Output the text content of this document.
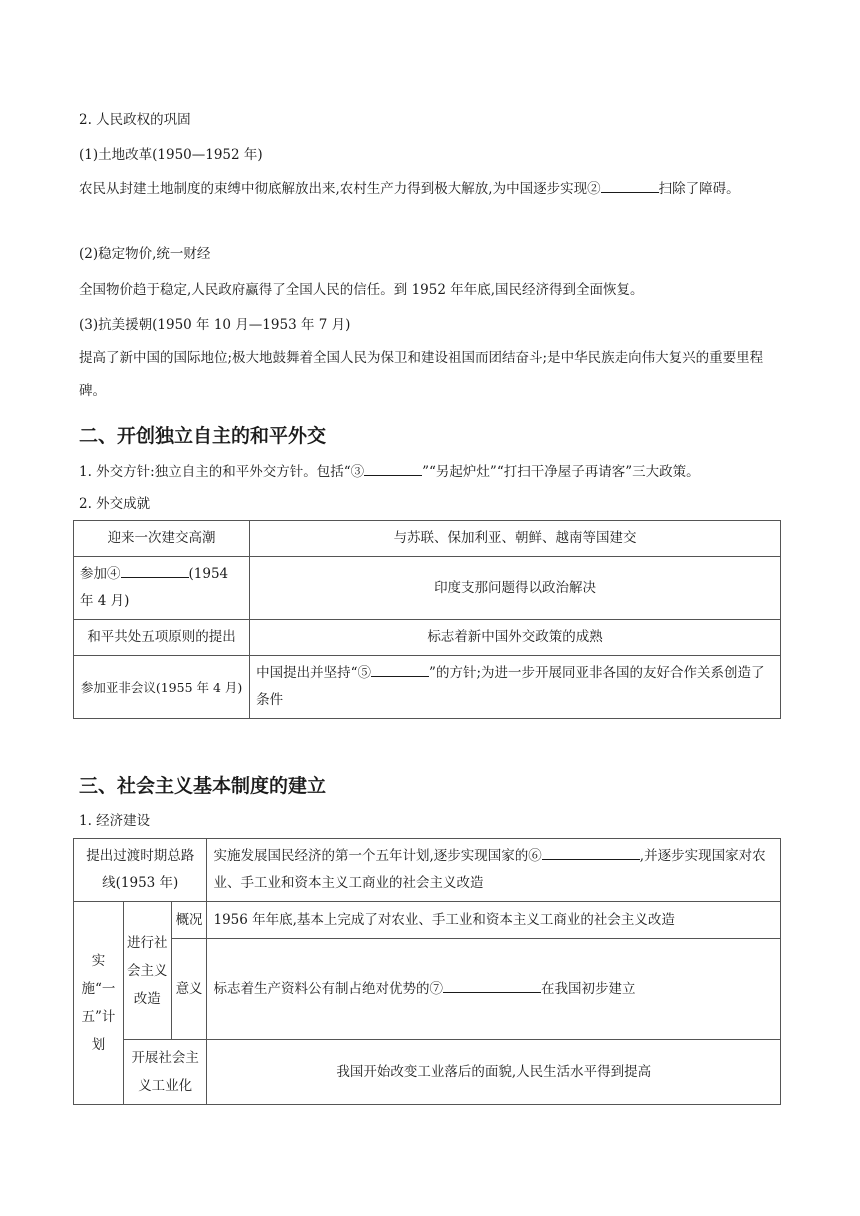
2. 人民政权的巩固
(1)土地改革(1950—1952 年)
农民从封建土地制度的束缚中彻底解放出来,农村生产力得到极大解放,为中国逐步实现②	扫除了障碍。
(2)稳定物价,统一财经
全国物价趋于稳定,人民政府赢得了全国人民的信任。到 1952 年年底,国民经济得到全面恢复。
(3)抗美援朝(1950 年 10 月—1953 年 7 月)
提高了新中国的国际地位;极大地鼓舞着全国人民为保卫和建设祖国而团结奋斗;是中华民族走向伟大复兴的重要里程碑。
二、开创独立自主的和平外交
1. 外交方针:独立自主的和平外交方针。包括“③	”“另起炉灶”“打扫干净屋子再请客”三大政策。
2. 外交成就
迎来一次建交高潮	与苏联、保加利亚、朝鲜、越南等国建交
参加④ (1954 年 4 月)	印度支那问题得以政治解决
和平共处五项原则的提出	标志着新中国外交政策的成熟
参加亚非会议(1955 年 4 月)	中国提出并坚持“⑤ ”的方针;为进一步开展同亚非各国的友好合作关系创造了条件
三、社会主义基本制度的建立
1. 经济建设
提出过渡时期总路线(1953 年)			实施发展国民经济的第一个五年计划,逐步实现国家的⑥ ,并逐步实现国家对农业、手工业和资本主义工商业的社会主义改造
实施“一五”计划	进行社会主义改造	概况	1956 年年底,基本上完成了对农业、手工业和资本主义工商业的社会主义改造
		意义	标志着生产资料公有制占绝对优势的⑦ 在我国初步建立
	开展社会主义工业化		我国开始改变工业落后的面貌,人民生活水平得到提高
